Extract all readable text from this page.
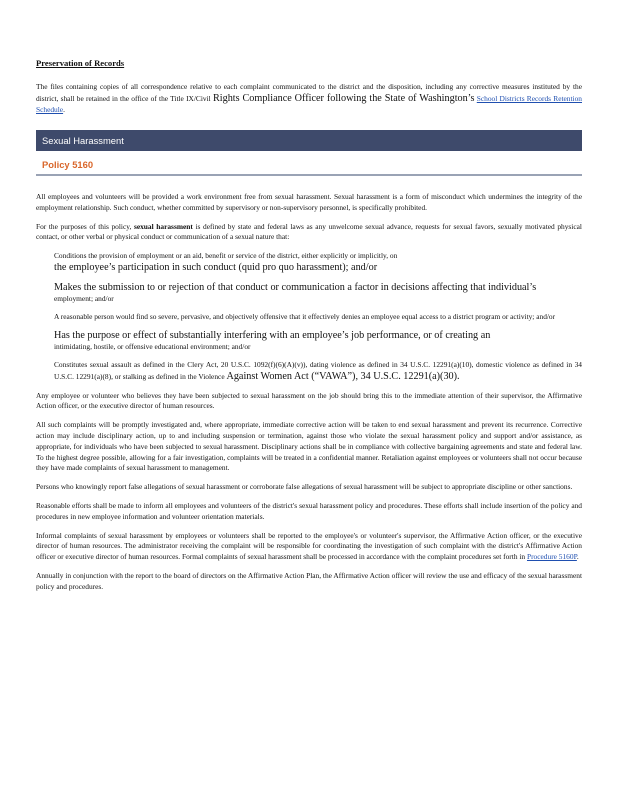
Preservation of Records
The files containing copies of all correspondence relative to each complaint communicated to the district and the disposition, including any corrective measures instituted by the district, shall be retained in the office of the Title IX/Civil Rights Compliance Officer following the State of Washington’s School Districts Records Retention Schedule.
Sexual Harassment
Policy 5160

All employees and volunteers will be provided a work environment free from sexual harassment. Sexual harassment is a form of misconduct which undermines the integrity of the employment relationship. Such conduct, whether committed by supervisory or non-supervisory personnel, is specifically prohibited.

For the purposes of this policy, sexual harassment is defined by state and federal laws as any unwelcome sexual advance, requests for sexual favors, sexually motivated physical contact, or other verbal or physical conduct or communication of a sexual nature that:

Conditions the provision of employment or an aid, benefit or service of the district, either explicitly or implicitly, on
the employee’s participation in such conduct (quid pro quo harassment); and/or
Makes the submission to or rejection of that conduct or communication a factor in decisions affecting that individual’s
employment; and/or
A reasonable person would find so severe, pervasive, and objectively offensive that it effectively denies an employee equal access to a district program or activity; and/or
Has the purpose or effect of substantially interfering with an employee’s job performance, or of creating an
intimidating, hostile, or offensive educational environment; and/or
Constitutes sexual assault as defined in the Clery Act, 20 U.S.C. 1092(f)(6)(A)(v)), dating violence as defined in 34 U.S.C. 12291(a)(10), domestic violence as defined in 34 U.S.C. 12291(a)(8), or stalking as defined in the Violence Against Women Act (“VAWA”), 34 U.S.C. 12291(a)(30).

Any employee or volunteer who believes they have been subjected to sexual harassment on the job should bring this to the immediate attention of their supervisor, the Affirmative Action officer, or the executive director of human resources.

All such complaints will be promptly investigated and, where appropriate, immediate corrective action will be taken to end sexual harassment and prevent its recurrence. Corrective action may include disciplinary action, up to and including suspension or termination, against those who violate the sexual harassment policy and support and/or assistance, as appropriate, for individuals who have been subjected to sexual harassment. Disciplinary actions shall be in compliance with collective bargaining agreements and state and federal law. To the highest degree possible, allowing for a fair investigation, complaints will be treated in a confidential manner. Retaliation against employees or volunteers shall not occur because they have made complaints of sexual harassment to management.

Persons who knowingly report false allegations of sexual harassment or corroborate false allegations of sexual harassment will be subject to appropriate discipline or other sanctions.

Reasonable efforts shall be made to inform all employees and volunteers of the district's sexual harassment policy and procedures. These efforts shall include insertion of the policy and procedures in new employee information and volunteer orientation materials.

Informal complaints of sexual harassment by employees or volunteers shall be reported to the employee's or volunteer's supervisor, the Affirmative Action officer, or the executive director of human resources. The administrator receiving the complaint will be responsible for coordinating the investigation of such complaint with the district's Affirmative Action officer or executive director of human resources. Formal complaints of sexual harassment shall be processed in accordance with the complaint procedures set forth in Procedure 5160P.

Annually in conjunction with the report to the board of directors on the Affirmative Action Plan, the Affirmative Action officer will review the use and efficacy of the sexual harassment policy and procedures.
